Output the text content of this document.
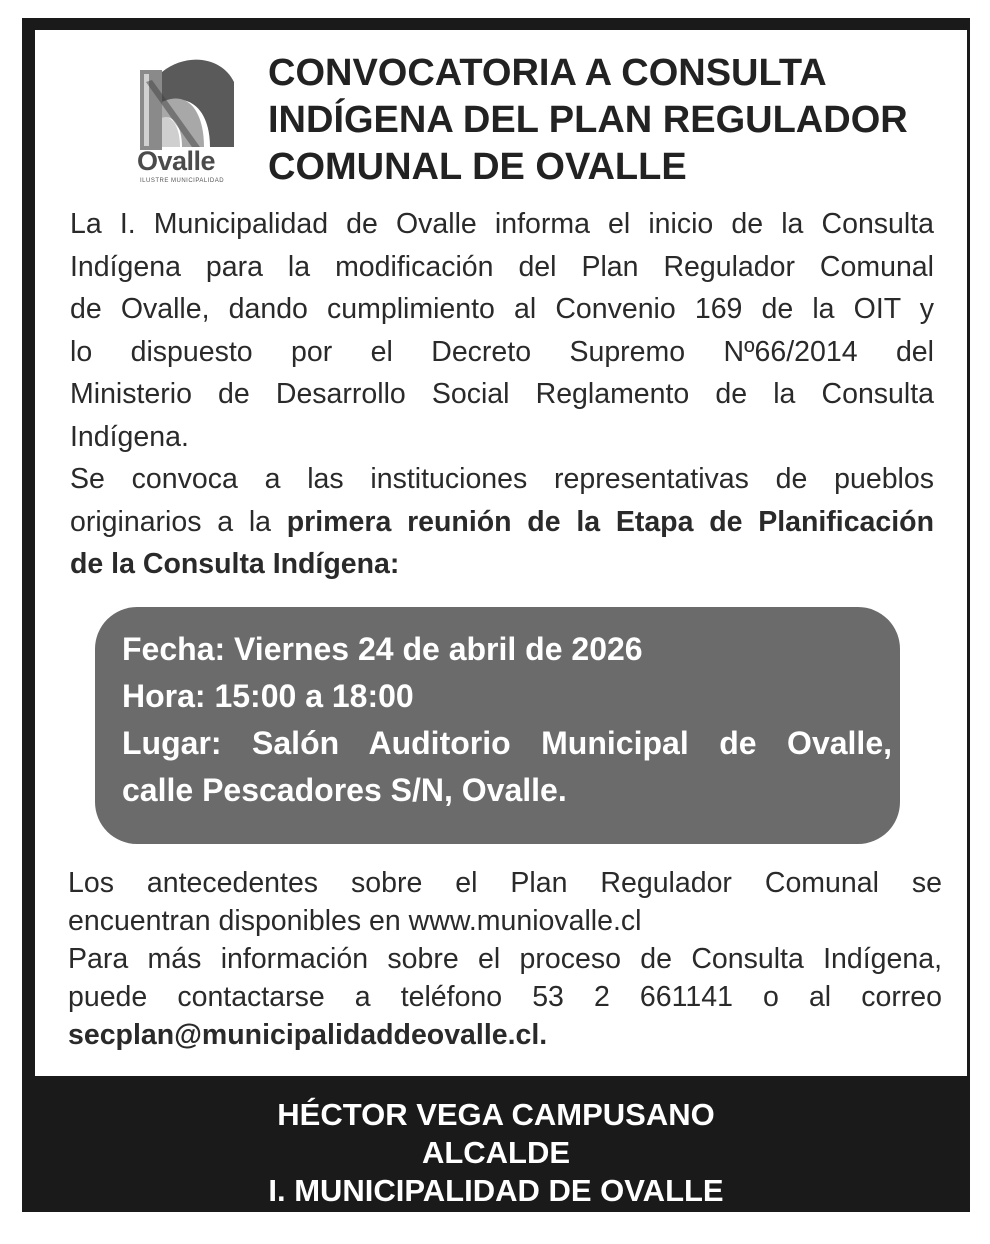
Ovalle
ILUSTRE MUNICIPALIDAD
CONVOCATORIA A CONSULTA
INDÍGENA DEL PLAN REGULADOR
COMUNAL DE OVALLE
La I. Municipalidad de Ovalle informa el inicio de la Consulta
Indígena para la modificación del Plan Regulador Comunal
de Ovalle, dando cumplimiento al Convenio 169 de la OIT y
lo dispuesto por el Decreto Supremo Nº66/2014 del
Ministerio de Desarrollo Social Reglamento de la Consulta
Indígena.
Se convoca a las instituciones representativas de pueblos
originarios a la primera reunión de la Etapa de Planificación
de la Consulta Indígena:
Fecha: Viernes 24 de abril de 2026
Hora: 15:00 a 18:00
Lugar: Salón Auditorio Municipal de Ovalle,
calle Pescadores S/N, Ovalle.
Los antecedentes sobre el Plan Regulador Comunal se
encuentran disponibles en www.muniovalle.cl
Para más información sobre el proceso de Consulta Indígena,
puede contactarse a teléfono 53 2 661141 o al correo
secplan@municipalidaddeovalle.cl.
HÉCTOR VEGA CAMPUSANO
ALCALDE
I. MUNICIPALIDAD DE OVALLE
